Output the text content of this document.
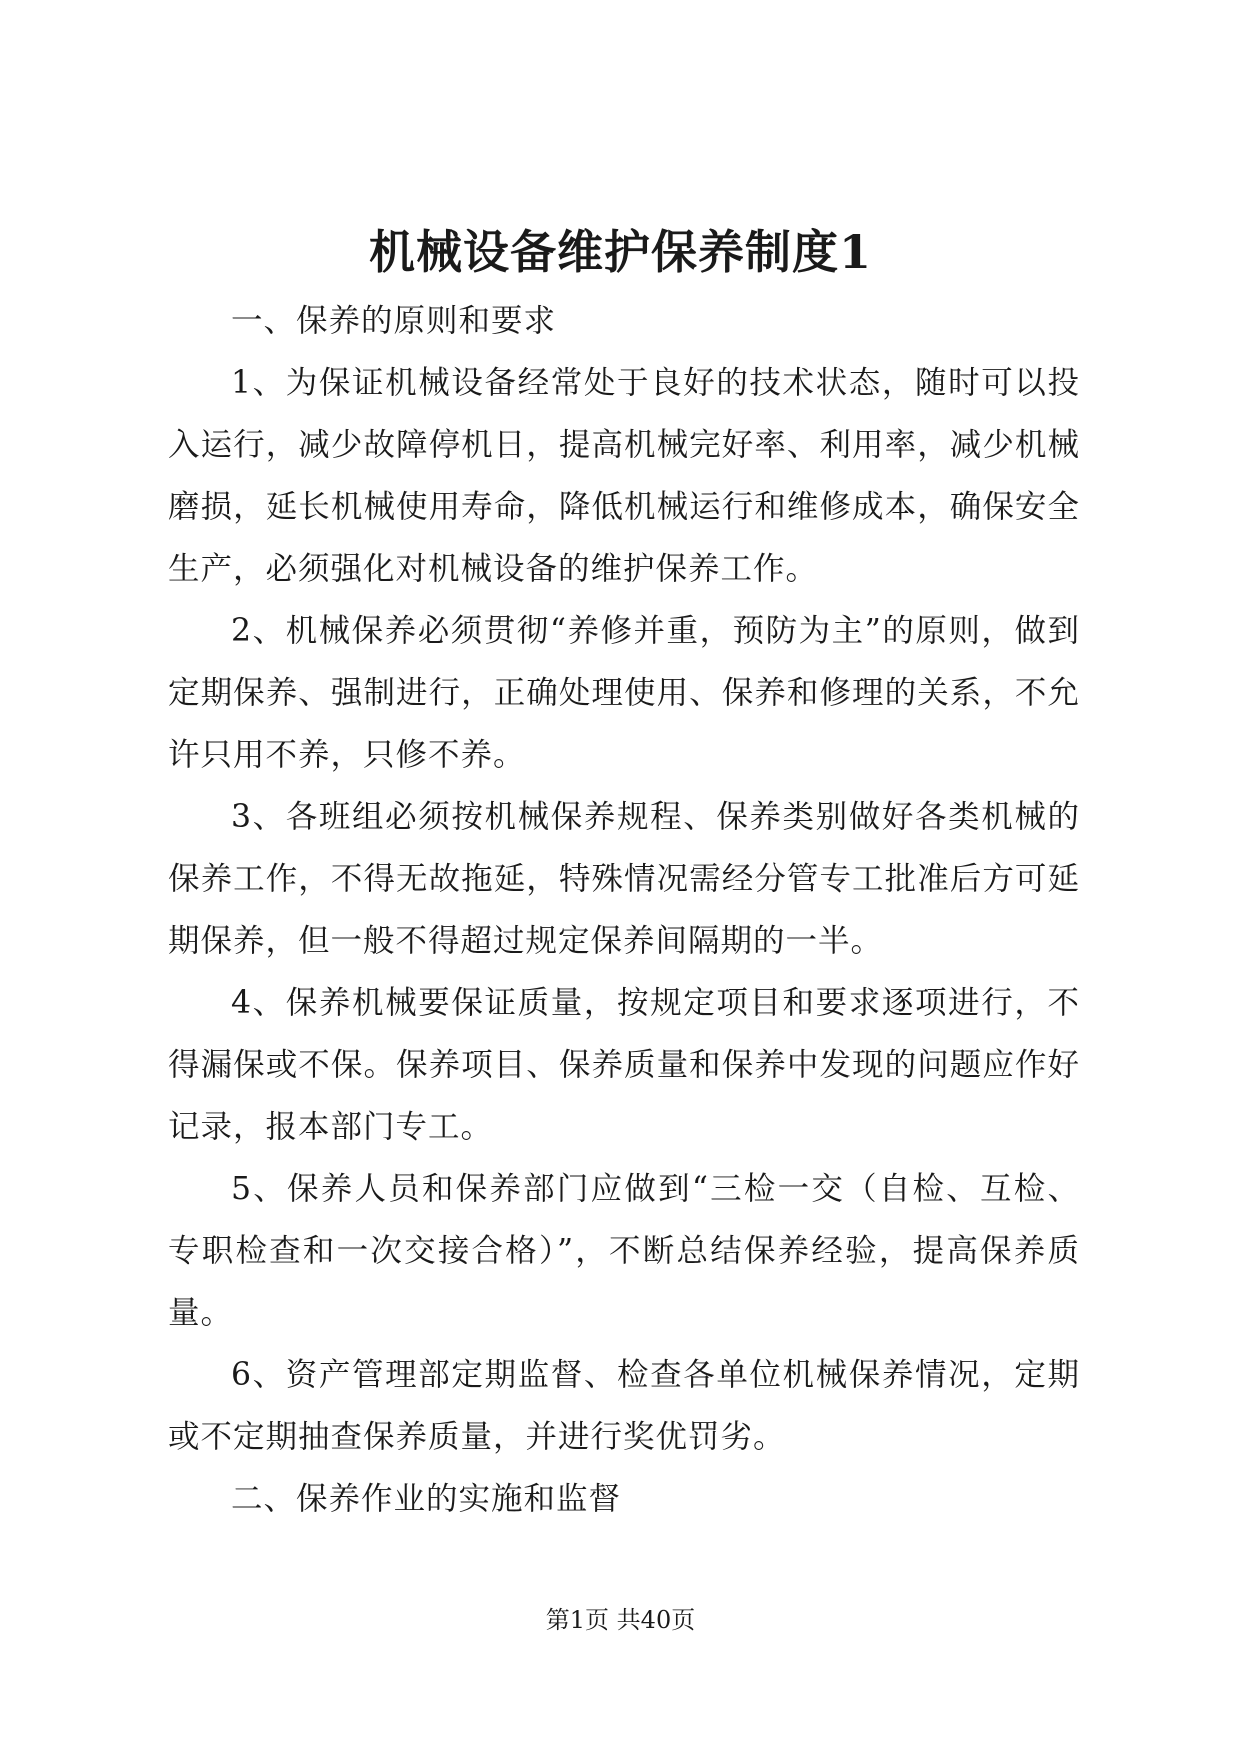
机械设备维护保养制度1

一、保养的原则和要求

1、为保证机械设备经常处于良好的技术状态，随时可以投入运行，减少故障停机日，提高机械完好率、利用率，减少机械磨损，延长机械使用寿命，降低机械运行和维修成本，确保安全生产，必须强化对机械设备的维护保养工作。

2、机械保养必须贯彻“养修并重，预防为主”的原则，做到定期保养、强制进行，正确处理使用、保养和修理的关系，不允许只用不养，只修不养。

3、各班组必须按机械保养规程、保养类别做好各类机械的保养工作，不得无故拖延，特殊情况需经分管专工批准后方可延期保养，但一般不得超过规定保养间隔期的一半。

4、保养机械要保证质量，按规定项目和要求逐项进行，不得漏保或不保。保养项目、保养质量和保养中发现的问题应作好记录，报本部门专工。

5、保养人员和保养部门应做到“三检一交（自检、互检、专职检查和一次交接合格）”，不断总结保养经验，提高保养质量。

6、资产管理部定期监督、检查各单位机械保养情况，定期或不定期抽查保养质量，并进行奖优罚劣。

二、保养作业的实施和监督

第1页 共40页
